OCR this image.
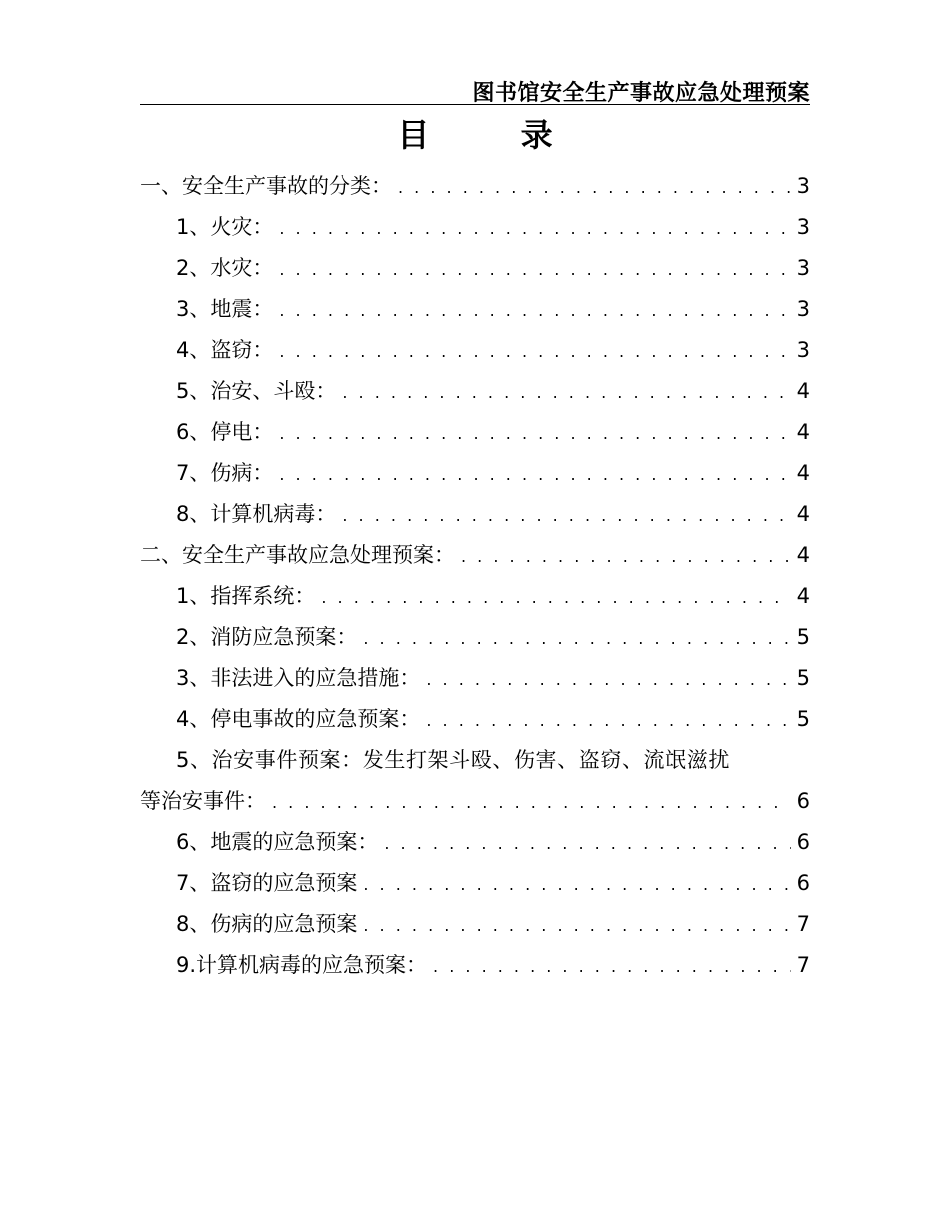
图书馆安全生产事故应急处理预案
目 录
一、安全生产事故的分类： . . .	3
1、火灾： . . .	3
2、水灾： . . .	3
3、地震： . . .	3
4、盗窃： . . .	3
5、治安、斗殴： . . .	4
6、停电： . . .	4
7、伤病： . . .	4
8、计算机病毒： . . .	4
二、安全生产事故应急处理预案： . . .	4
1、指挥系统： . . .	4
2、消防应急预案： . . .	5
3、非法进入的应急措施： . . .	5
4、停电事故的应急预案： . . .	5
5、治安事件预案：发生打架斗殴、伤害、盗窃、流氓滋扰
等治安事件： . . .	6
6、地震的应急预案： . . .	6
7、盗窃的应急预案 . . .	6
8、伤病的应急预案 . . .	7
9.计算机病毒的应急预案： . . .	7
